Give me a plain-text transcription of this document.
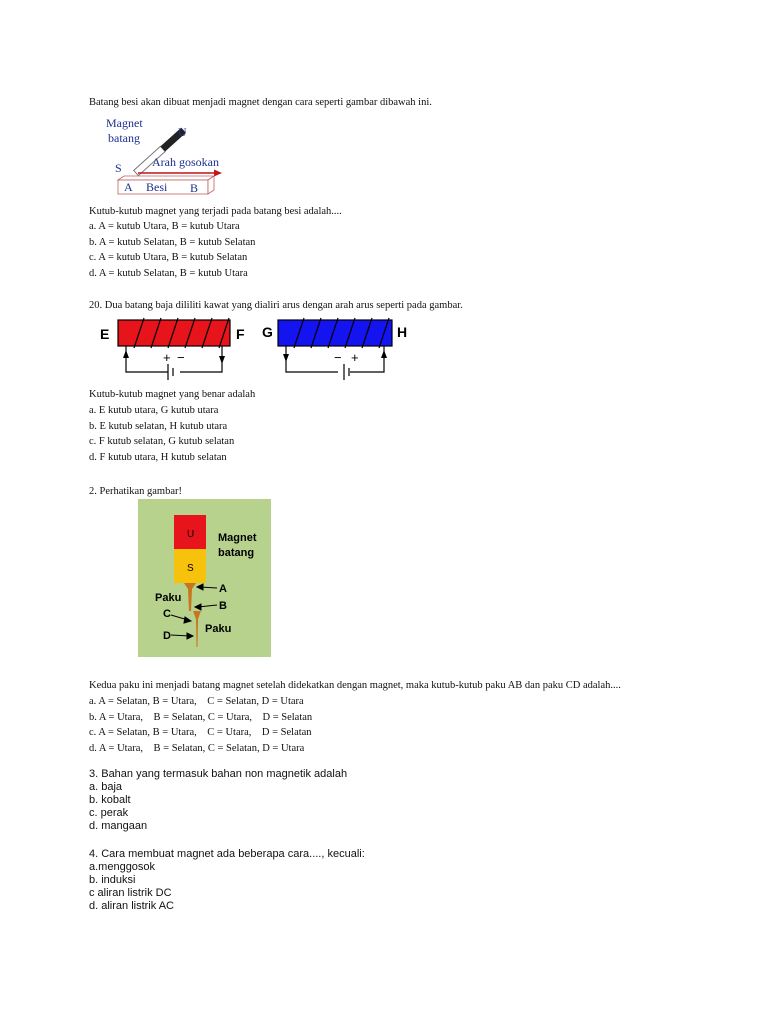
Batang besi akan dibuat menjadi magnet dengan cara seperti gambar dibawah ini.
Magnet
batang	U
S	Arah gosokan
A Besi B
Kutub-kutub magnet yang terjadi pada batang besi adalah....
a. A = kutub Utara, B = kutub Utara
b. A = kutub Selatan, B = kutub Selatan
c. A = kutub Utara, B = kutub Selatan
d. A = kutub Selatan, B = kutub Utara
20. Dua batang baja dililiti kawat yang dialiri arus dengan arah arus seperti pada gambar.
E
+ −
F G
− +
H
Kutub-kutub magnet yang benar adalah
a. E kutub utara, G kutub utara
b. E kutub selatan, H kutub utara
c. F kutub selatan, G kutub selatan
d. F kutub utara, H kutub selatan
2. Perhatikan gambar!
U
S
Magnet
batang
A
B
Paku
C
Paku
D
Kedua paku ini menjadi batang magnet setelah didekatkan dengan magnet, maka kutub-kutub paku AB dan paku CD adalah....
a. A = Selatan, B = Utara,    C = Selatan, D = Utara
b. A = Utara,    B = Selatan, C = Utara,    D = Selatan
c. A = Selatan, B = Utara,    C = Utara,    D = Selatan
d. A = Utara,    B = Selatan, C = Selatan, D = Utara
3. Bahan yang termasuk bahan non magnetik adalah
a. baja
b. kobalt
c. perak
d. mangaan
4. Cara membuat magnet ada beberapa cara...., kecuali:
a.menggosok
b. induksi
c aliran listrik DC
d. aliran listrik AC
